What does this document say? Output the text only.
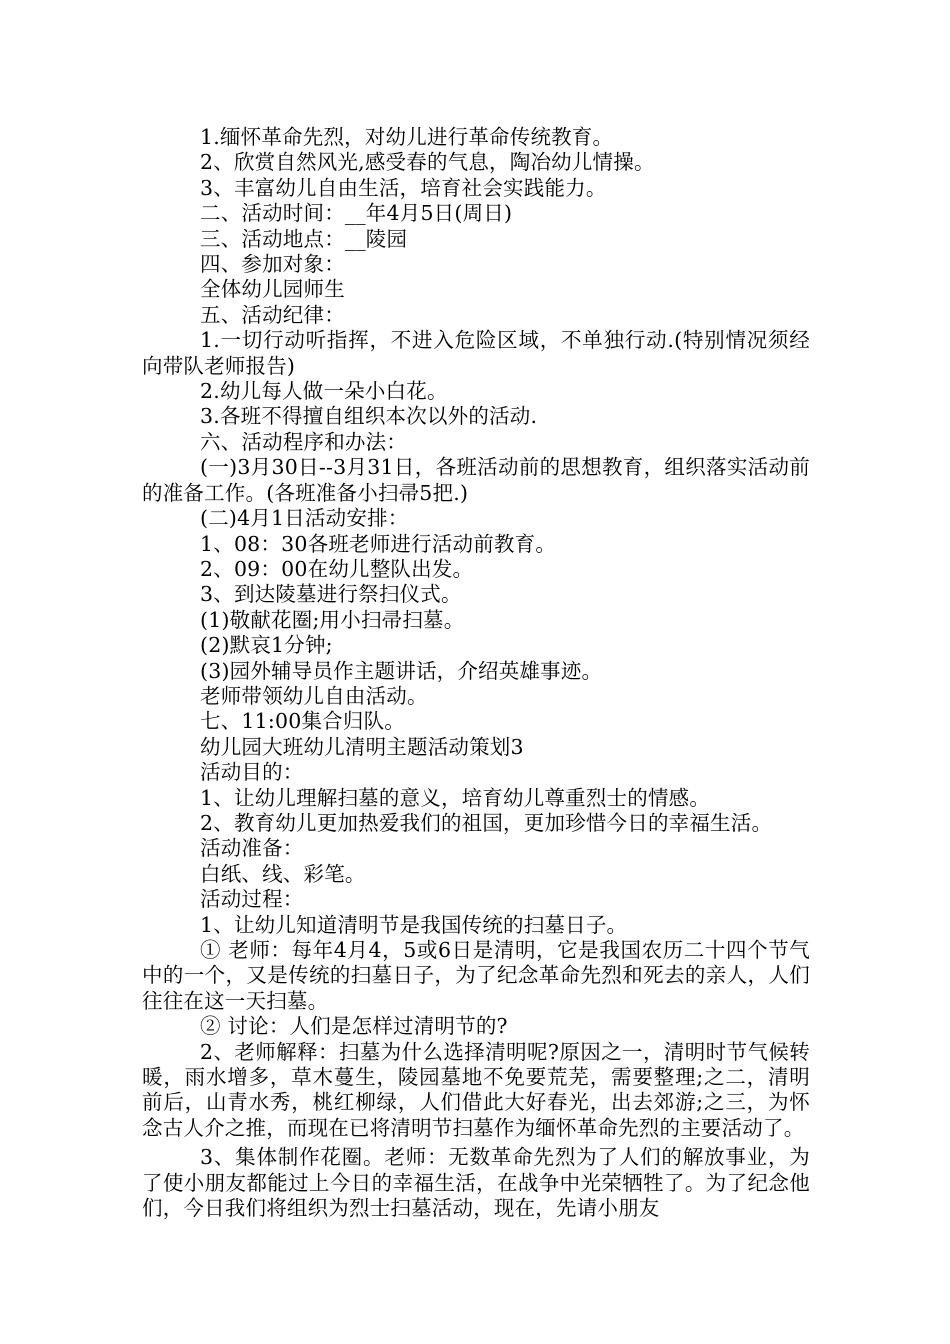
1.缅怀革命先烈，对幼儿进行革命传统教育。

2、欣赏自然风光,感受春的气息，陶冶幼儿情操。

3、丰富幼儿自由生活，培育社会实践能力。

二、活动时间：__年4月5日(周日)

三、活动地点：__陵园

四、参加对象：

全体幼儿园师生

五、活动纪律：

1.一切行动听指挥，不进入危险区域，不单独行动.(特别情况须经向带队老师报告)

2.幼儿每人做一朵小白花。

3.各班不得擅自组织本次以外的活动.

六、活动程序和办法：

(一)3月30日--3月31日，各班活动前的思想教育，组织落实活动前的准备工作。(各班准备小扫帚5把.)

(二)4月1日活动安排：

1、08：30各班老师进行活动前教育。

2、09：00在幼儿整队出发。

3、到达陵墓进行祭扫仪式。

(1)敬献花圈;用小扫帚扫墓。

(2)默哀1分钟;

(3)园外辅导员作主题讲话，介绍英雄事迹。

老师带领幼儿自由活动。

七、11:00集合归队。

幼儿园大班幼儿清明主题活动策划3

活动目的：

1、让幼儿理解扫墓的意义，培育幼儿尊重烈士的情感。

2、教育幼儿更加热爱我们的祖国，更加珍惜今日的幸福生活。

活动准备：

白纸、线、彩笔。

活动过程：

1、让幼儿知道清明节是我国传统的扫墓日子。

① 老师：每年4月4，5或6日是清明，它是我国农历二十四个节气中的一个，又是传统的扫墓日子，为了纪念革命先烈和死去的亲人，人们往往在这一天扫墓。

② 讨论：人们是怎样过清明节的?

2、老师解释：扫墓为什么选择清明呢?原因之一，清明时节气候转暖，雨水增多，草木蔓生，陵园墓地不免要荒芜，需要整理;之二，清明前后，山青水秀，桃红柳绿，人们借此大好春光，出去郊游;之三，为怀念古人介之推，而现在已将清明节扫墓作为缅怀革命先烈的主要活动了。

3、集体制作花圈。老师：无数革命先烈为了人们的解放事业，为了使小朋友都能过上今日的幸福生活，在战争中光荣牺牲了。为了纪念他们，今日我们将组织为烈士扫墓活动，现在，先请小朋友
